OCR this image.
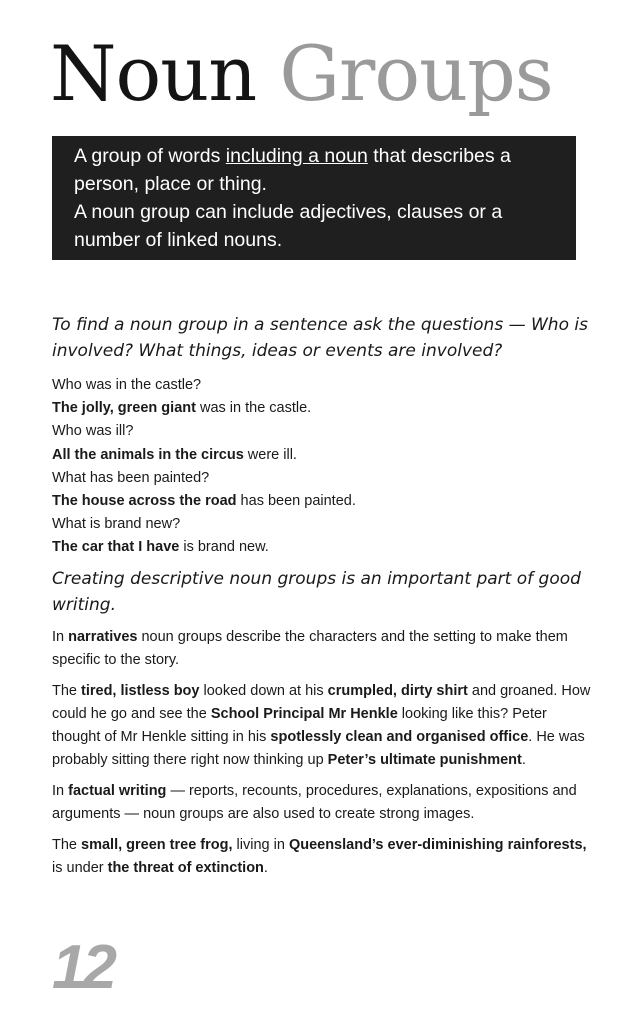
Noun Groups
A group of words including a noun that describes a person, place or thing.
A noun group can include adjectives, clauses or a number of linked nouns.

To find a noun group in a sentence ask the questions — Who is involved? What things, ideas or events are involved?

Who was in the castle?
The jolly, green giant was in the castle.
Who was ill?
All the animals in the circus were ill.
What has been painted?
The house across the road has been painted.
What is brand new?
The car that I have is brand new.

Creating descriptive noun groups is an important part of good writing.

In narratives noun groups describe the characters and the setting to make them specific to the story.

The tired, listless boy looked down at his crumpled, dirty shirt and groaned. How could he go and see the School Principal Mr Henkle looking like this? Peter thought of Mr Henkle sitting in his spotlessly clean and organised office. He was probably sitting there right now thinking up Peter’s ultimate punishment.

In factual writing — reports, recounts, procedures, explanations, expositions and arguments — noun groups are also used to create strong images.

The small, green tree frog, living in Queensland’s ever-diminishing rainforests, is under the threat of extinction.

12
